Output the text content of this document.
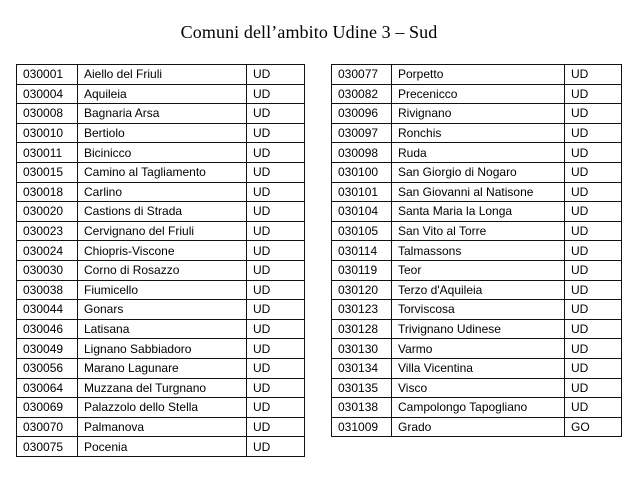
Comuni dell’ambito Udine 3 – Sud
030001	Aiello del Friuli	UD
030004	Aquileia	UD
030008	Bagnaria Arsa	UD
030010	Bertiolo	UD
030011	Bicinicco	UD
030015	Camino al Tagliamento	UD
030018	Carlino	UD
030020	Castions di Strada	UD
030023	Cervignano del Friuli	UD
030024	Chiopris-Viscone	UD
030030	Corno di Rosazzo	UD
030038	Fiumicello	UD
030044	Gonars	UD
030046	Latisana	UD
030049	Lignano Sabbiadoro	UD
030056	Marano Lagunare	UD
030064	Muzzana del Turgnano	UD
030069	Palazzolo dello Stella	UD
030070	Palmanova	UD
030075	Pocenia	UD
030077	Porpetto	UD
030082	Precenicco	UD
030096	Rivignano	UD
030097	Ronchis	UD
030098	Ruda	UD
030100	San Giorgio di Nogaro	UD
030101	San Giovanni al Natisone	UD
030104	Santa Maria la Longa	UD
030105	San Vito al Torre	UD
030114	Talmassons	UD
030119	Teor	UD
030120	Terzo d'Aquileia	UD
030123	Torviscosa	UD
030128	Trivignano Udinese	UD
030130	Varmo	UD
030134	Villa Vicentina	UD
030135	Visco	UD
030138	Campolongo Tapogliano	UD
031009	Grado	GO
